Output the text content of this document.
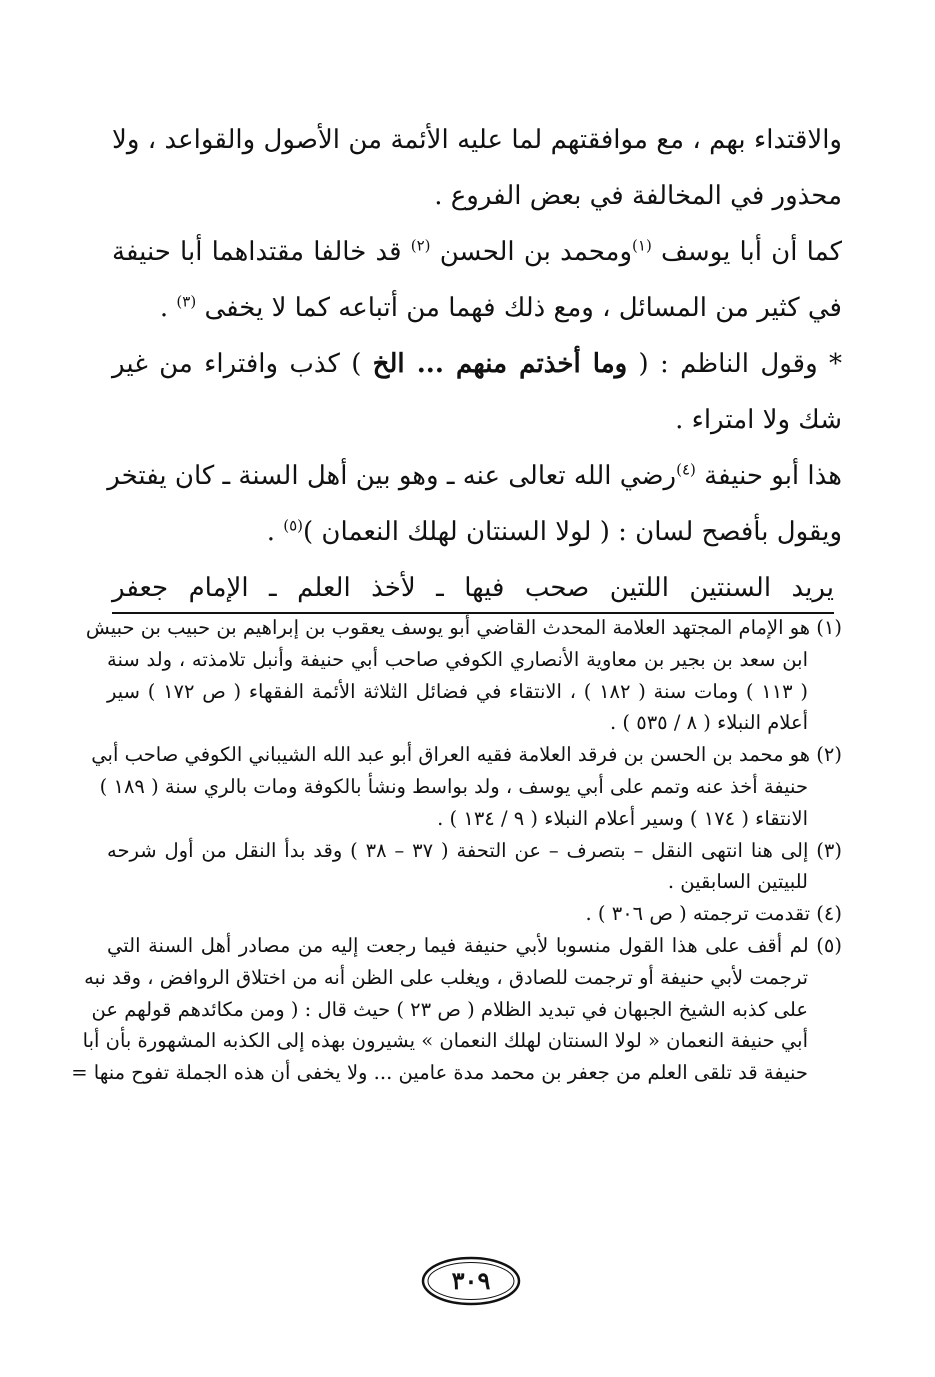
والاقتداء بهم ، مع موافقتهم لما عليه الأئمة من الأصول والقواعد ، ولا
محذور في المخالفة في بعض الفروع .
كما أن أبا يوسف $^{(١)}$ومحمد بن الحسن $^{(٢)}$ قد خالفا مقتداهما أبا حنيفة
في كثير من المسائل ، ومع ذلك فهما من أتباعه كما لا يخفى $^{(٣)}$ .
* وقول الناظم : ( وما أخذتم منهم ... الخ ) كذب وافتراء من غير
شك ولا امتراء .
هذا أبو حنيفة $^{(٤)}$رضي الله تعالى عنه ـ وهو بين أهل السنة ـ كان يفتخر
ويقول بأفصح لسان : ( لولا السنتان لهلك النعمان )$^{(٥)}$ .
يريد السنتين اللتين صحب فيها ـ لأخذ العلم ـ الإمام جعفر
(١) هو الإمام المجتهد العلامة المحدث القاضي أبو يوسف يعقوب بن إبراهيم بن حبيب بن حبيش
ابن سعد بن بجير بن معاوية الأنصاري الكوفي صاحب أبي حنيفة وأنبل تلامذته ، ولد سنة
( ١١٣ ) ومات سنة ( ١٨٢ ) ، الانتقاء في فضائل الثلاثة الأئمة الفقهاء ( ص ١٧٢ ) سير
أعلام النبلاء ( ٨ / ٥٣٥ ) .
(٢) هو محمد بن الحسن بن فرقد العلامة فقيه العراق أبو عبد الله الشيباني الكوفي صاحب أبي
حنيفة أخذ عنه وتمم على أبي يوسف ، ولد بواسط ونشأ بالكوفة ومات بالري سنة ( ١٨٩ )
الانتقاء ( ١٧٤ ) وسير أعلام النبلاء ( ٩ / ١٣٤ ) .
(٣) إلى هنا انتهى النقل – بتصرف – عن التحفة ( ٣٧ – ٣٨ ) وقد بدأ النقل من أول شرحه
للبيتين السابقين .
(٤) تقدمت ترجمته ( ص ٣٠٦ ) .
(٥) لم أقف على هذا القول منسوبا لأبي حنيفة فيما رجعت إليه من مصادر أهل السنة التي
ترجمت لأبي حنيفة أو ترجمت للصادق ، ويغلب على الظن أنه من اختلاق الروافض ، وقد نبه
على كذبه الشيخ الجبهان في تبديد الظلام ( ص ٢٣ ) حيث قال : ( ومن مكائدهم قولهم عن
أبي حنيفة النعمان « لولا السنتان لهلك النعمان » يشيرون بهذه إلى الكذبه المشهورة بأن أبا
حنيفة قد تلقى العلم من جعفر بن محمد مدة عامين ... ولا يخفى أن هذه الجملة تفوح منها =
٣٠٩
